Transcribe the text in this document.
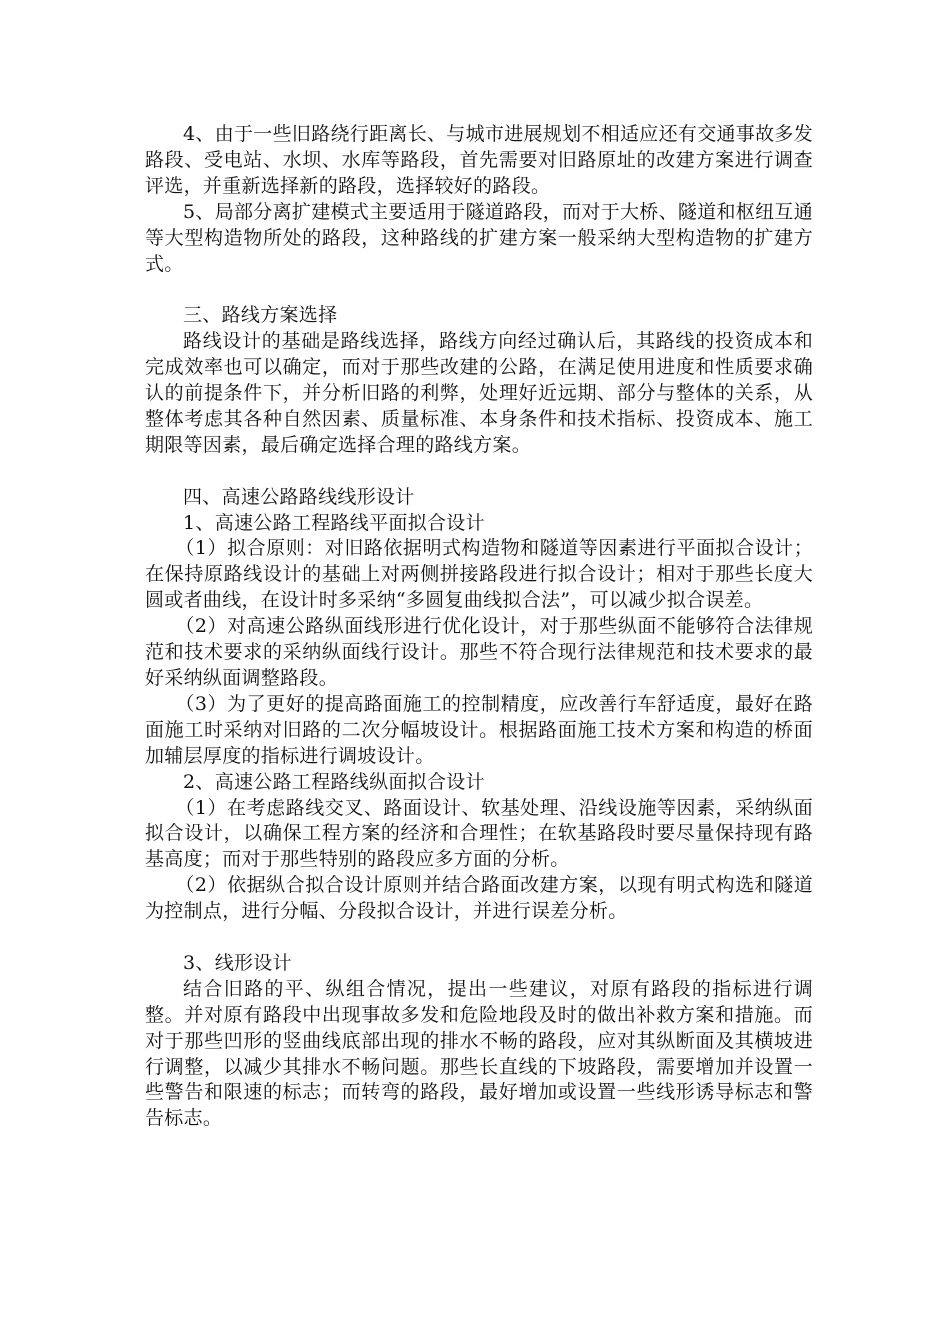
4、由于一些旧路绕行距离长、与城市进展规划不相适应还有交通事故多发路段、受电站、水坝、水库等路段，首先需要对旧路原址的改建方案进行调查评选，并重新选择新的路段，选择较好的路段。

5、局部分离扩建模式主要适用于隧道路段，而对于大桥、隧道和枢纽互通等大型构造物所处的路段，这种路线的扩建方案一般采纳大型构造物的扩建方式。

三、路线方案选择

路线设计的基础是路线选择，路线方向经过确认后，其路线的投资成本和完成效率也可以确定，而对于那些改建的公路，在满足使用进度和性质要求确认的前提条件下，并分析旧路的利弊，处理好近远期、部分与整体的关系，从整体考虑其各种自然因素、质量标准、本身条件和技术指标、投资成本、施工期限等因素，最后确定选择合理的路线方案。

四、高速公路路线线形设计

1、高速公路工程路线平面拟合设计

（1）拟合原则：对旧路依据明式构造物和隧道等因素进行平面拟合设计；在保持原路线设计的基础上对两侧拼接路段进行拟合设计；相对于那些长度大圆或者曲线，在设计时多采纳“多圆复曲线拟合法”，可以减少拟合误差。

（2）对高速公路纵面线形进行优化设计，对于那些纵面不能够符合法律规范和技术要求的采纳纵面线行设计。那些不符合现行法律规范和技术要求的最好采纳纵面调整路段。

（3）为了更好的提高路面施工的控制精度，应改善行车舒适度，最好在路面施工时采纳对旧路的二次分幅坡设计。根据路面施工技术方案和构造的桥面加辅层厚度的指标进行调坡设计。

2、高速公路工程路线纵面拟合设计

（1）在考虑路线交叉、路面设计、软基处理、沿线设施等因素，采纳纵面拟合设计，以确保工程方案的经济和合理性；在软基路段时要尽量保持现有路基高度；而对于那些特别的路段应多方面的分析。

（2）依据纵合拟合设计原则并结合路面改建方案，以现有明式构选和隧道为控制点，进行分幅、分段拟合设计，并进行误差分析。

3、线形设计

结合旧路的平、纵组合情况，提出一些建议，对原有路段的指标进行调整。并对原有路段中出现事故多发和危险地段及时的做出补救方案和措施。而对于那些凹形的竖曲线底部出现的排水不畅的路段，应对其纵断面及其横坡进行调整，以减少其排水不畅问题。那些长直线的下坡路段，需要增加并设置一些警告和限速的标志；而转弯的路段，最好增加或设置一些线形诱导标志和警告标志。
